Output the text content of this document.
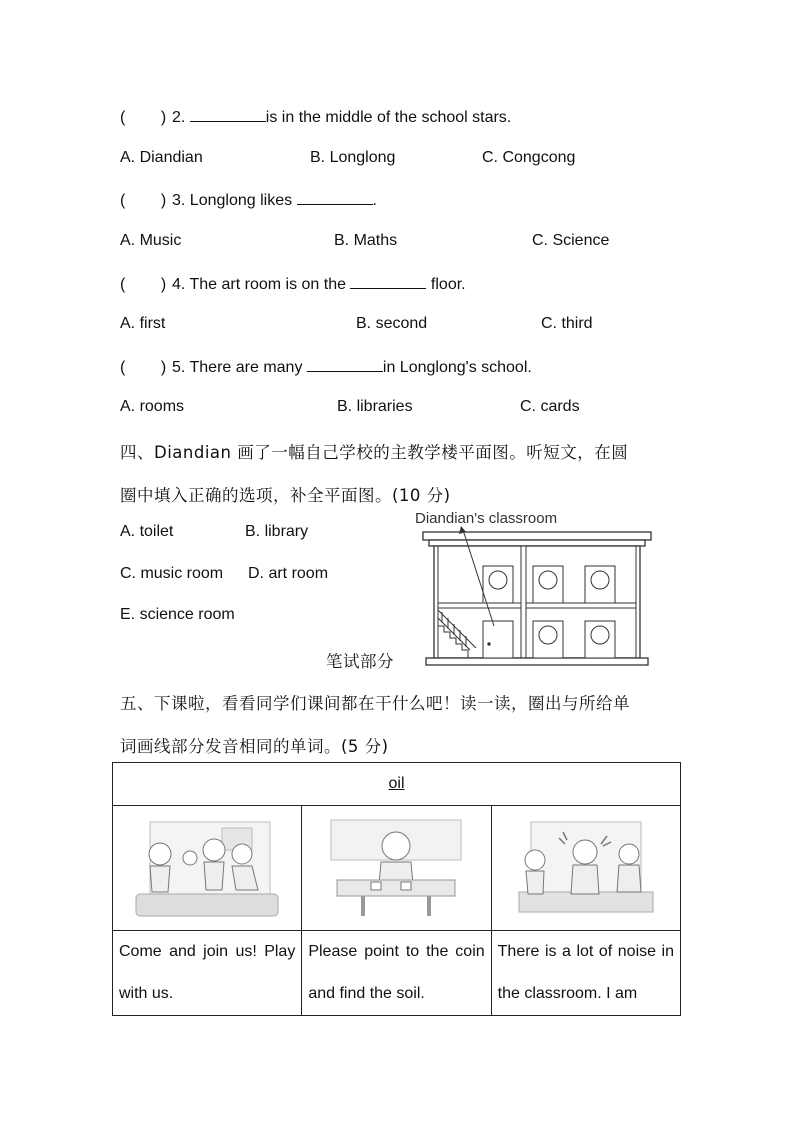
( ) 2.	is in the middle of the school stars.
A. Diandian	B. Longlong	C. Congcong
( ) 3. Longlong likes	.
A. Music	B. Maths	C. Science
( ) 4. The art room is on the	floor.
A. first	B. second	C. third
( ) 5. There are many	in Longlong's school.
A. rooms	B. libraries	C. cards
四、Diandian 画了一幅自己学校的主教学楼平面图。听短文，在圆
圈中填入正确的选项，补全平面图。(10 分)
A. toilet	B. library
C. music room D. art room
E. science room
笔试部分
Diandian's classroom
五、下课啦，看看同学们课间都在干什么吧！读一读，圈出与所给单
词画线部分发音相同的单词。(5 分)
oil		

Come and join us! Play with us.	Please point to the coin and find the soil.	There is a lot of noise in the classroom. I am
